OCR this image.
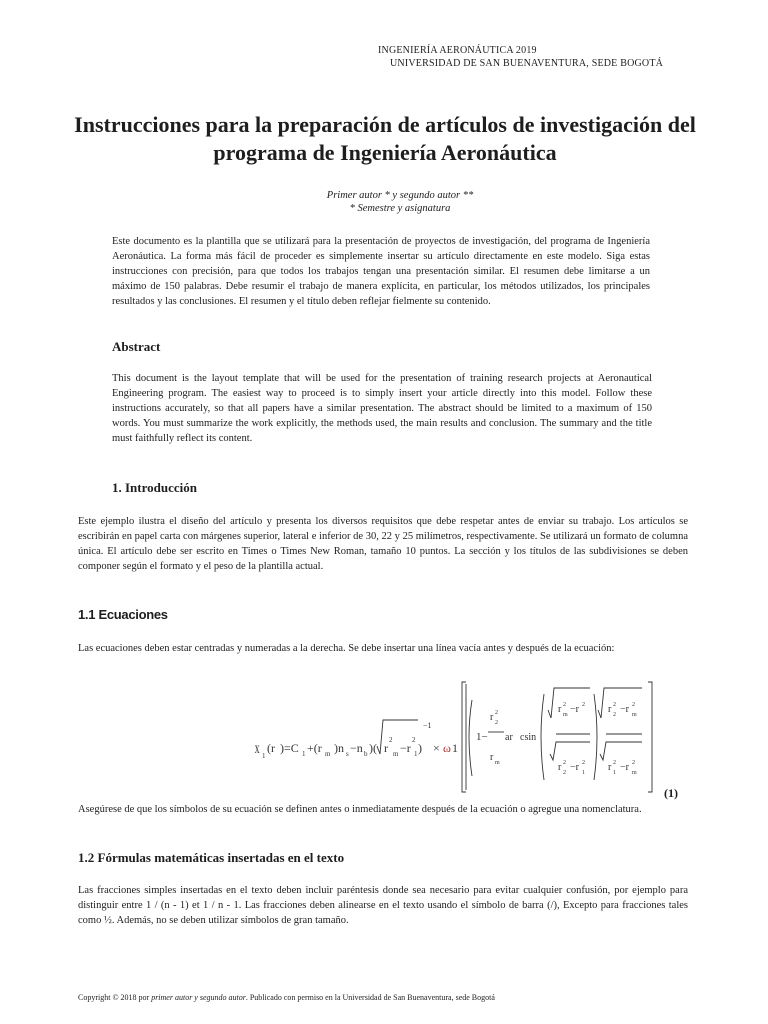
INGENIERÍA AERONÁUTICA 2019
UNIVERSIDAD DE SAN BUENAVENTURA, SEDE BOGOTÁ
Instrucciones para la preparación de artículos de investigación del
programa de Ingeniería Aeronáutica
Primer autor * y segundo autor **
* Semestre y asignatura
Este documento es la plantilla que se utilizará para la presentación de proyectos de investigación, del programa de Ingeniería Aeronáutica. La forma más fácil de proceder es simplemente insertar su artículo directamente en este modelo. Siga estas instrucciones con precisión, para que todos los trabajos tengan una presentación similar. El resumen debe limitarse a un máximo de 150 palabras. Debe resumir el trabajo de manera explícita, en particular, los métodos utilizados, los principales resultados y las conclusiones. El resumen y el título deben reflejar fielmente su contenido.
Abstract
This document is the layout template that will be used for the presentation of training research projects at Aeronautical Engineering program. The easiest way to proceed is to simply insert your article directly into this model. Follow these instructions accurately, so that all papers have a similar presentation. The abstract should be limited to a maximum of 150 words. You must summarize the work explicitly, the methods used, the main results and conclusion. The summary and the title must faithfully reflect its content.
1. Introducción
Este ejemplo ilustra el diseño del artículo y presenta los diversos requisitos que debe respetar antes de enviar su trabajo. Los artículos se escribirán en papel carta con márgenes superior, lateral e inferior de 30, 22 y 25 milímetros, respectivamente. Se utilizará un formato de columna única. El artículo debe ser escrito en Times o Times New Roman, tamaño 10 puntos. La sección y los títulos de las subdivisiones se deben componer según el formato y el peso de la plantilla actual.
1.1 Ecuaciones
Las ecuaciones deben estar centradas y numeradas a la derecha. Se debe insertar una línea vacía antes y después de la ecuación:
x 1
(r )=C 1 +(r m )n s −n b )( r
2
m −r
2
1 )
−1
× ω 1
1−
r 2
2
r m
ar csin
r 2
m −r 2
r 2
2 −r 2
1
r 2
2 −r 2
m
r 2
1 −r 2
m
(1)
Asegúrese de que los símbolos de su ecuación se definen antes o inmediatamente después de la ecuación o agregue una nomenclatura.
1.2 Fórmulas matemáticas insertadas en el texto
Las fracciones simples insertadas en el texto deben incluir paréntesis donde sea necesario para evitar cualquier confusión, por ejemplo para distinguir entre 1 / (n - 1) et 1 / n - 1. Las fracciones deben alinearse en el texto usando el símbolo de barra (/), Excepto para fracciones tales como ½. Además, no se deben utilizar símbolos de gran tamaño.
Copyright © 2018 por primer autor y segundo autor. Publicado con permiso en la Universidad de San Buenaventura, sede Bogotá
